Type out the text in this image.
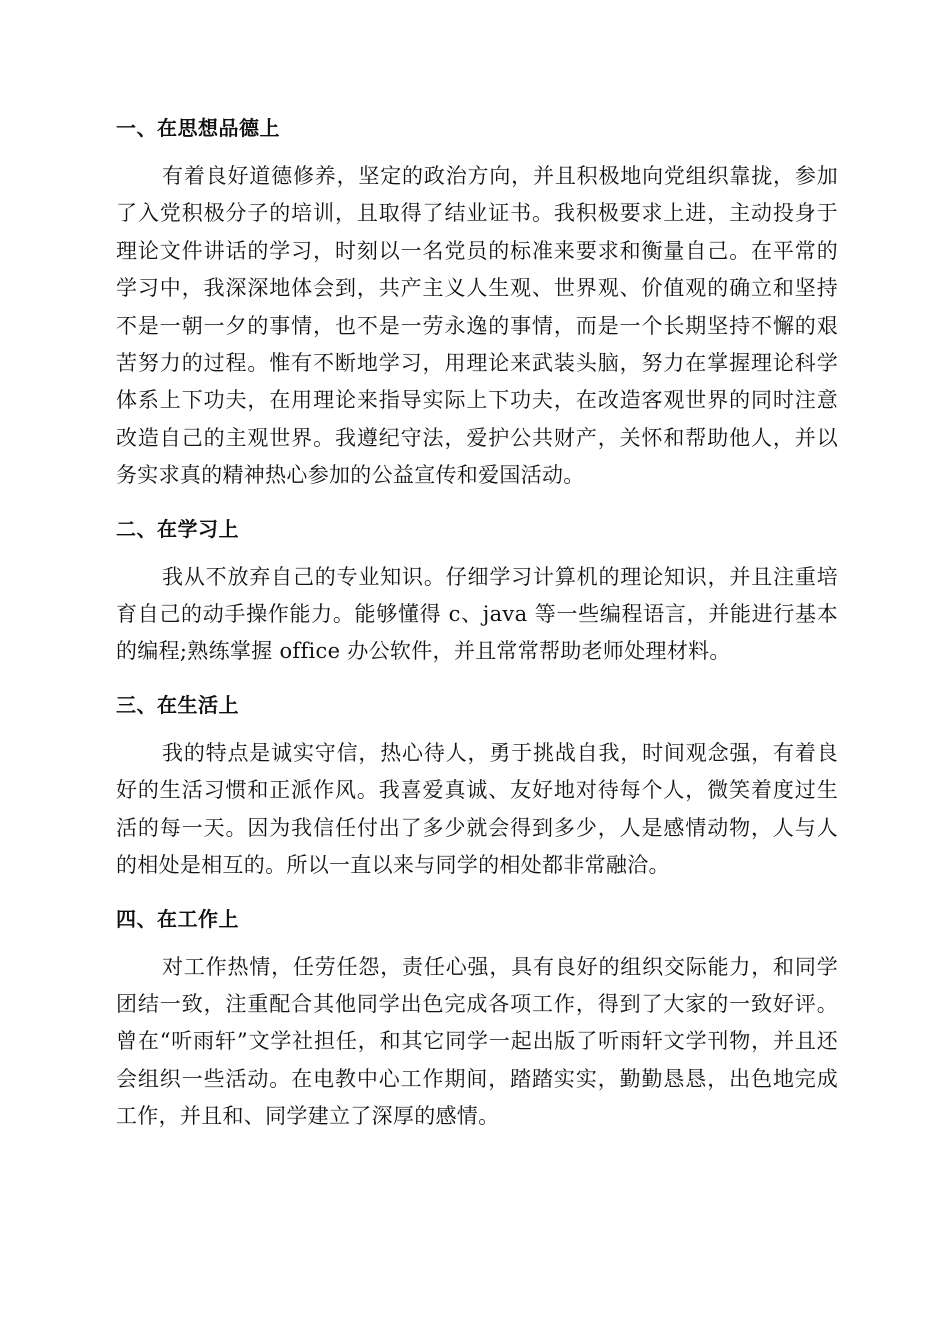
一、在思想品德上

有着良好道德修养，坚定的政治方向，并且积极地向党组织靠拢，参加了入党积极分子的培训，且取得了结业证书。我积极要求上进，主动投身于理论文件讲话的学习，时刻以一名党员的标准来要求和衡量自己。在平常的学习中，我深深地体会到，共产主义人生观、世界观、价值观的确立和坚持不是一朝一夕的事情，也不是一劳永逸的事情，而是一个长期坚持不懈的艰苦努力的过程。惟有不断地学习，用理论来武装头脑，努力在掌握理论科学体系上下功夫，在用理论来指导实际上下功夫，在改造客观世界的同时注意改造自己的主观世界。我遵纪守法，爱护公共财产，关怀和帮助他人，并以务实求真的精神热心参加的公益宣传和爱国活动。

二、在学习上

我从不放弃自己的专业知识。仔细学习计算机的理论知识，并且注重培育自己的动手操作能力。能够懂得 c、java 等一些编程语言，并能进行基本的编程;熟练掌握 office 办公软件，并且常常帮助老师处理材料。

三、在生活上

我的特点是诚实守信，热心待人，勇于挑战自我，时间观念强，有着良好的生活习惯和正派作风。我喜爱真诚、友好地对待每个人，微笑着度过生活的每一天。因为我信任付出了多少就会得到多少，人是感情动物，人与人的相处是相互的。所以一直以来与同学的相处都非常融洽。

四、在工作上

对工作热情，任劳任怨，责任心强，具有良好的组织交际能力，和同学团结一致，注重配合其他同学出色完成各项工作，得到了大家的一致好评。曾在“听雨轩”文学社担任，和其它同学一起出版了听雨轩文学刊物，并且还会组织一些活动。在电教中心工作期间，踏踏实实，勤勤恳恳，出色地完成工作，并且和、同学建立了深厚的感情。
